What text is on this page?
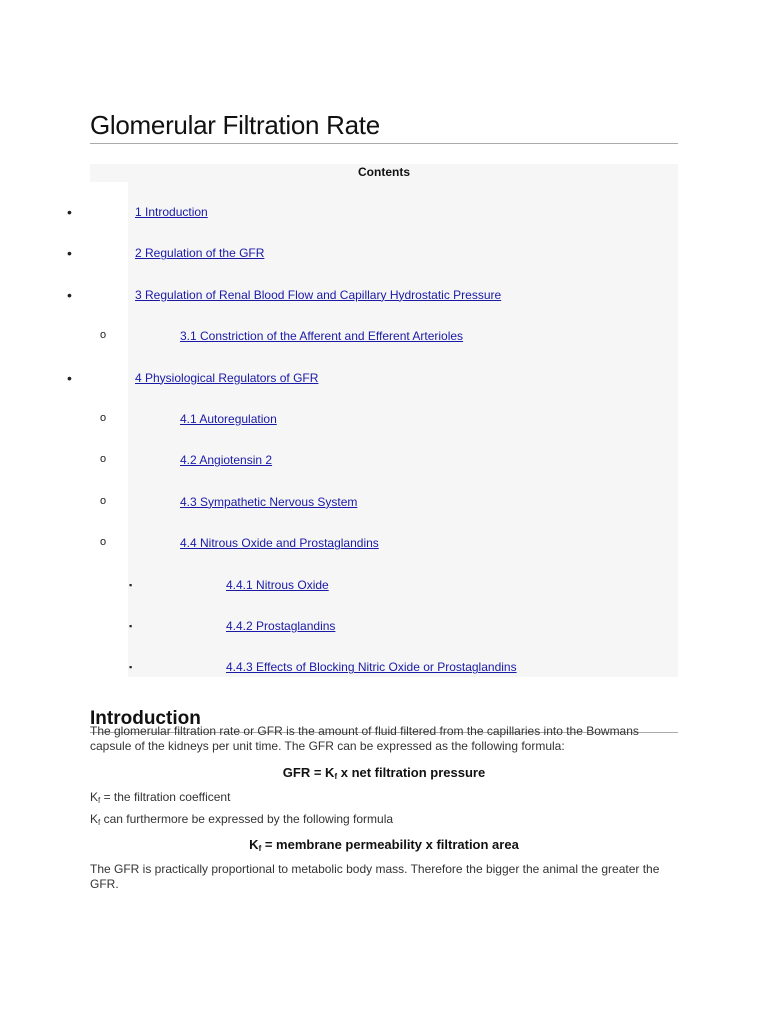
Glomerular Filtration Rate
Contents
•	1 Introduction
•	2 Regulation of the GFR
•	3 Regulation of Renal Blood Flow and Capillary Hydrostatic Pressure
o	3.1 Constriction of the Afferent and Efferent Arterioles
•	4 Physiological Regulators of GFR
o	4.1 Autoregulation
o	4.2 Angiotensin 2
o	4.3 Sympathetic Nervous System
o	4.4 Nitrous Oxide and Prostaglandins
▪	4.4.1 Nitrous Oxide
▪	4.4.2 Prostaglandins
▪	4.4.3 Effects of Blocking Nitric Oxide or Prostaglandins
Introduction
The glomerular filtration rate or GFR is the amount of fluid filtered from the capillaries into the Bowmans capsule of the kidneys per unit time. The GFR can be expressed as the following formula:
GFR = $K_f$ x net filtration pressure
$K_f$ = the filtration coefficent
$K_f$ can furthermore be expressed by the following formula
$K_f$ = membrane permeability x filtration area
The GFR is practically proportional to metabolic body mass. Therefore the bigger the animal the greater the GFR.
